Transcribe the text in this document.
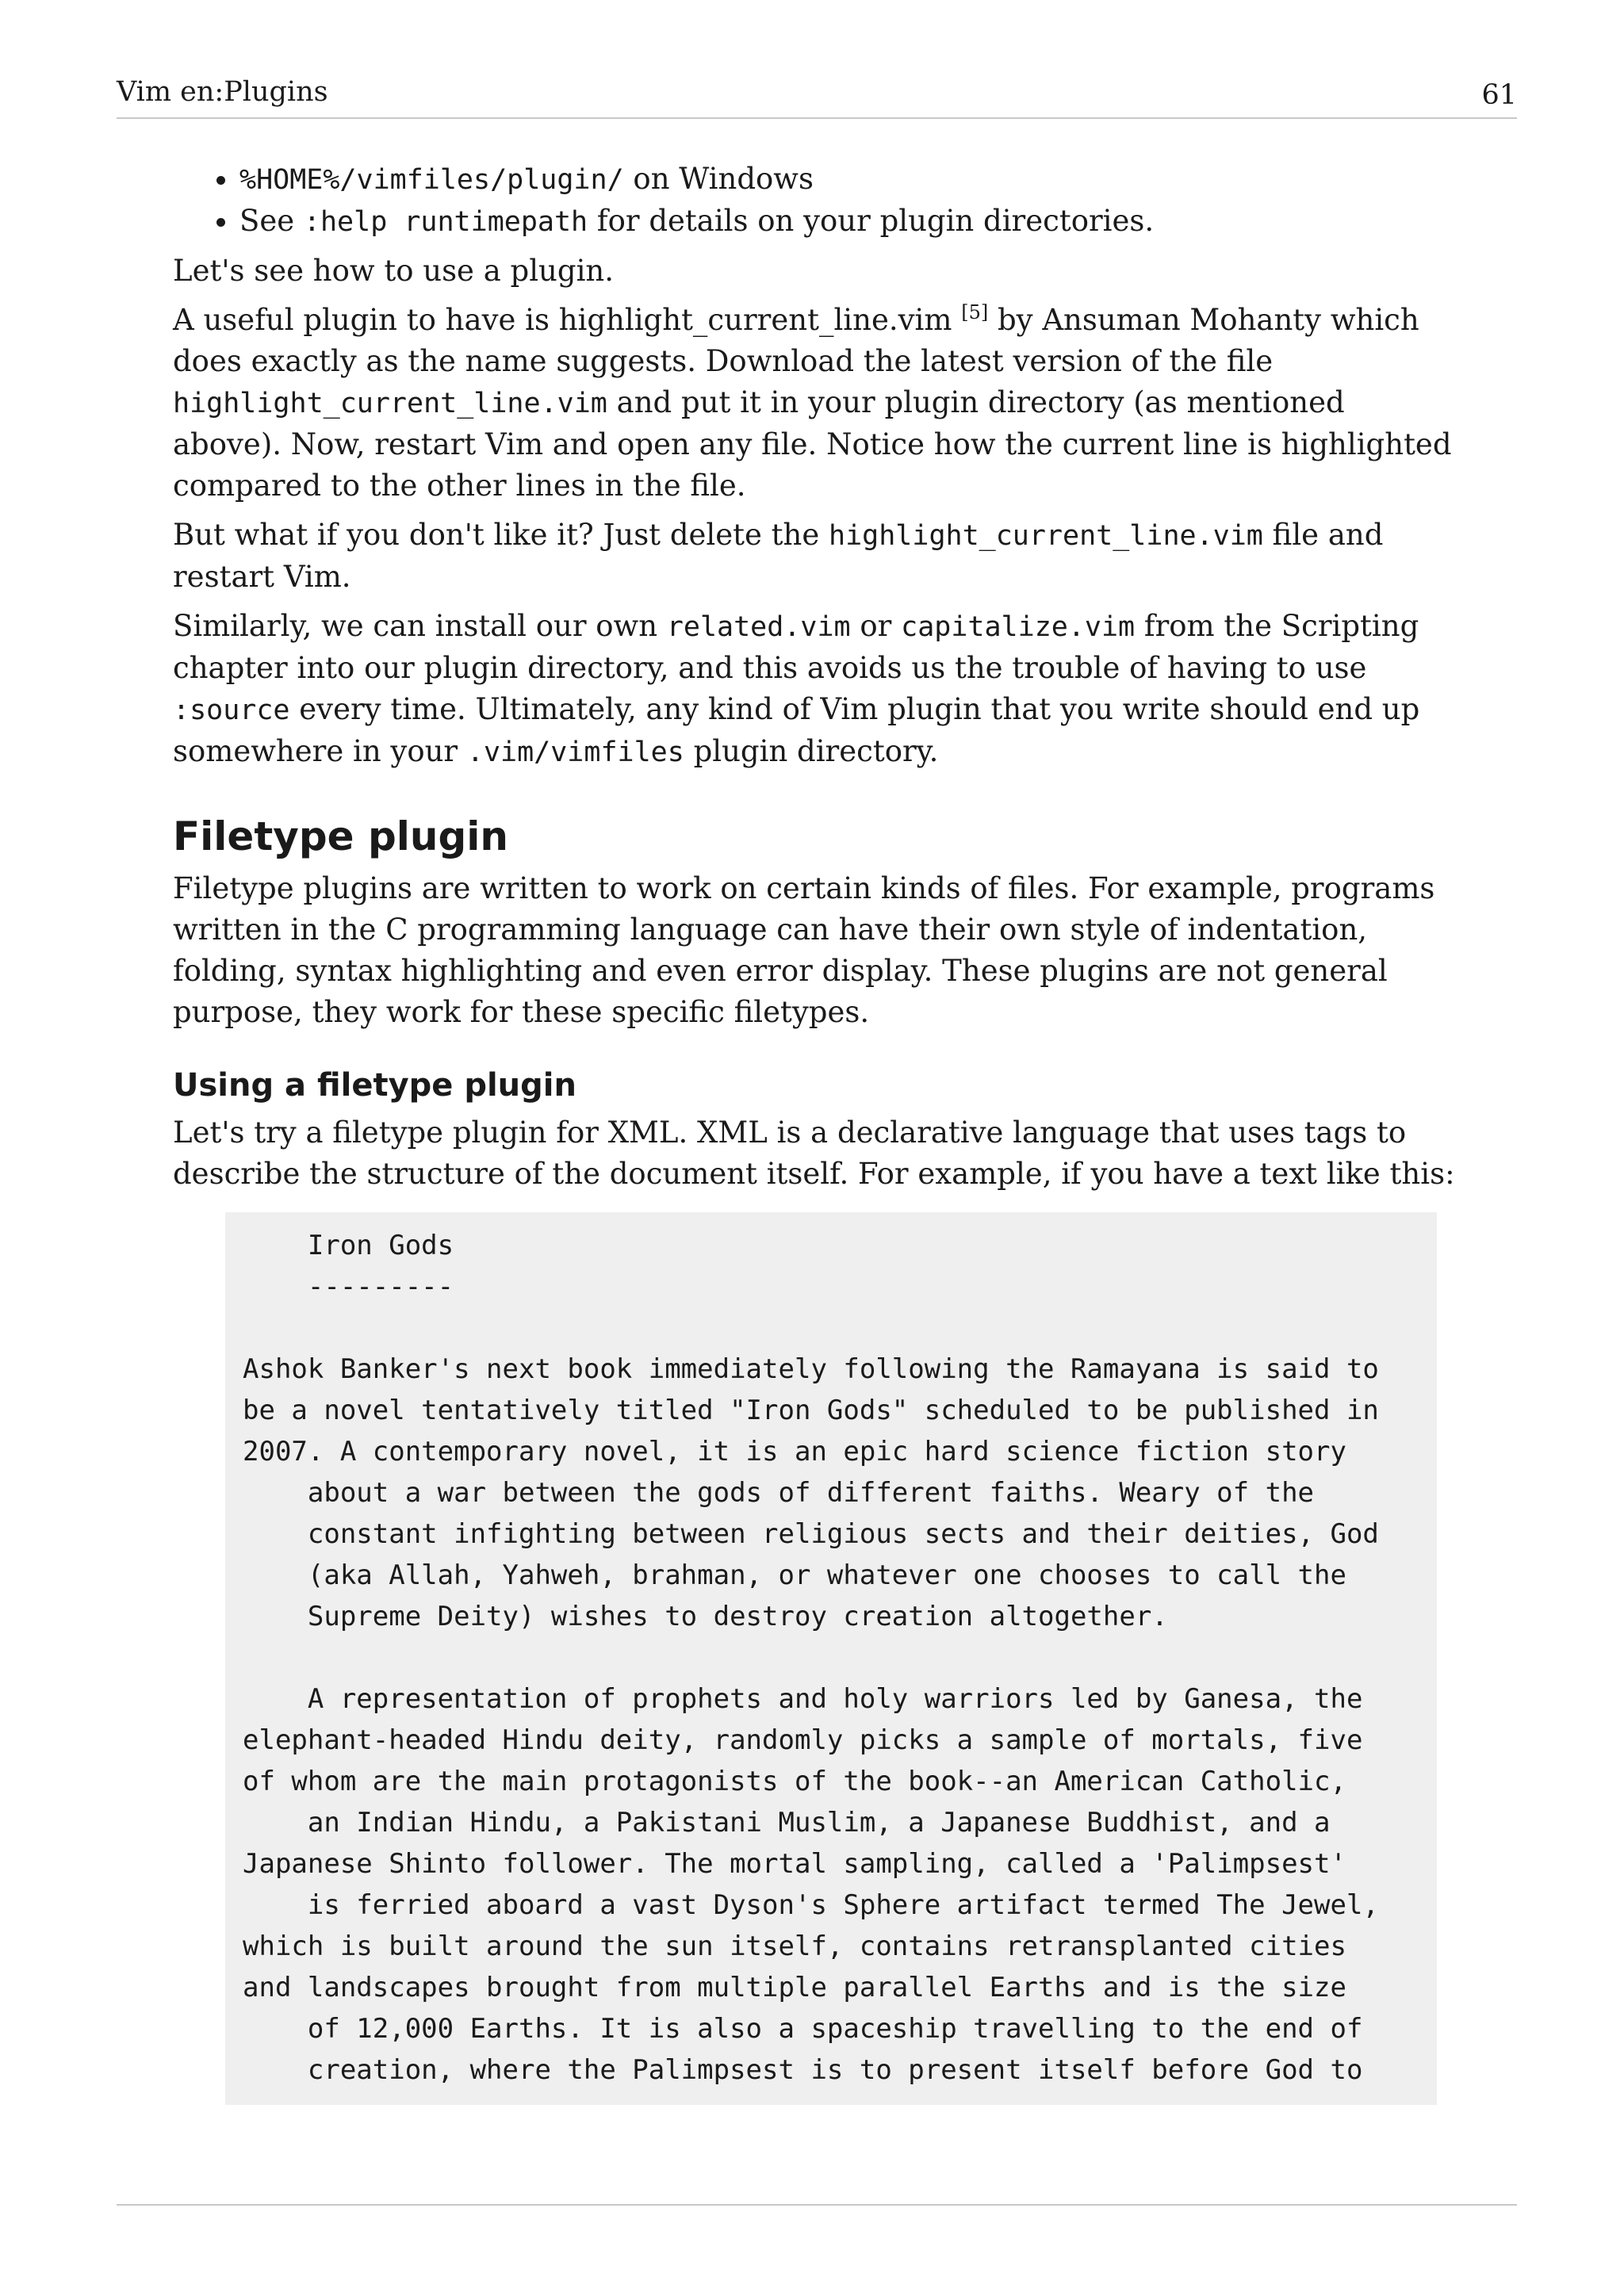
Vim en:Plugins	61
• %HOME%/vimfiles/plugin/ on Windows
• See :help runtimepath for details on your plugin directories.

Let's see how to use a plugin.

A useful plugin to have is highlight_current_line.vim [5] by Ansuman Mohanty which does exactly as the name suggests. Download the latest version of the file highlight_current_line.vim and put it in your plugin directory (as mentioned above). Now, restart Vim and open any file. Notice how the current line is highlighted compared to the other lines in the file.

But what if you don't like it? Just delete the highlight_current_line.vim file and restart Vim.

Similarly, we can install our own related.vim or capitalize.vim from the Scripting chapter into our plugin directory, and this avoids us the trouble of having to use :source every time. Ultimately, any kind of Vim plugin that you write should end up somewhere in your .vim/vimfiles plugin directory.

Filetype plugin

Filetype plugins are written to work on certain kinds of files. For example, programs written in the C programming language can have their own style of indentation, folding, syntax highlighting and even error display. These plugins are not general purpose, they work for these specific filetypes.

Using a filetype plugin

Let's try a filetype plugin for XML. XML is a declarative language that uses tags to describe the structure of the document itself. For example, if you have a text like this:

Iron Gods
---------

Ashok Banker's next book immediately following the Ramayana is said to
be a novel tentatively titled "Iron Gods" scheduled to be published in
2007. A contemporary novel, it is an epic hard science fiction story
about a war between the gods of different faiths. Weary of the
constant infighting between religious sects and their deities, God
(aka Allah, Yahweh, brahman, or whatever one chooses to call the
Supreme Deity) wishes to destroy creation altogether.

A representation of prophets and holy warriors led by Ganesa, the
elephant-headed Hindu deity, randomly picks a sample of mortals, five
of whom are the main protagonists of the book--an American Catholic,
an Indian Hindu, a Pakistani Muslim, a Japanese Buddhist, and a
Japanese Shinto follower. The mortal sampling, called a 'Palimpsest'
is ferried aboard a vast Dyson's Sphere artifact termed The Jewel,
which is built around the sun itself, contains retransplanted cities
and landscapes brought from multiple parallel Earths and is the size
of 12,000 Earths. It is also a spaceship travelling to the end of
creation, where the Palimpsest is to present itself before God to
